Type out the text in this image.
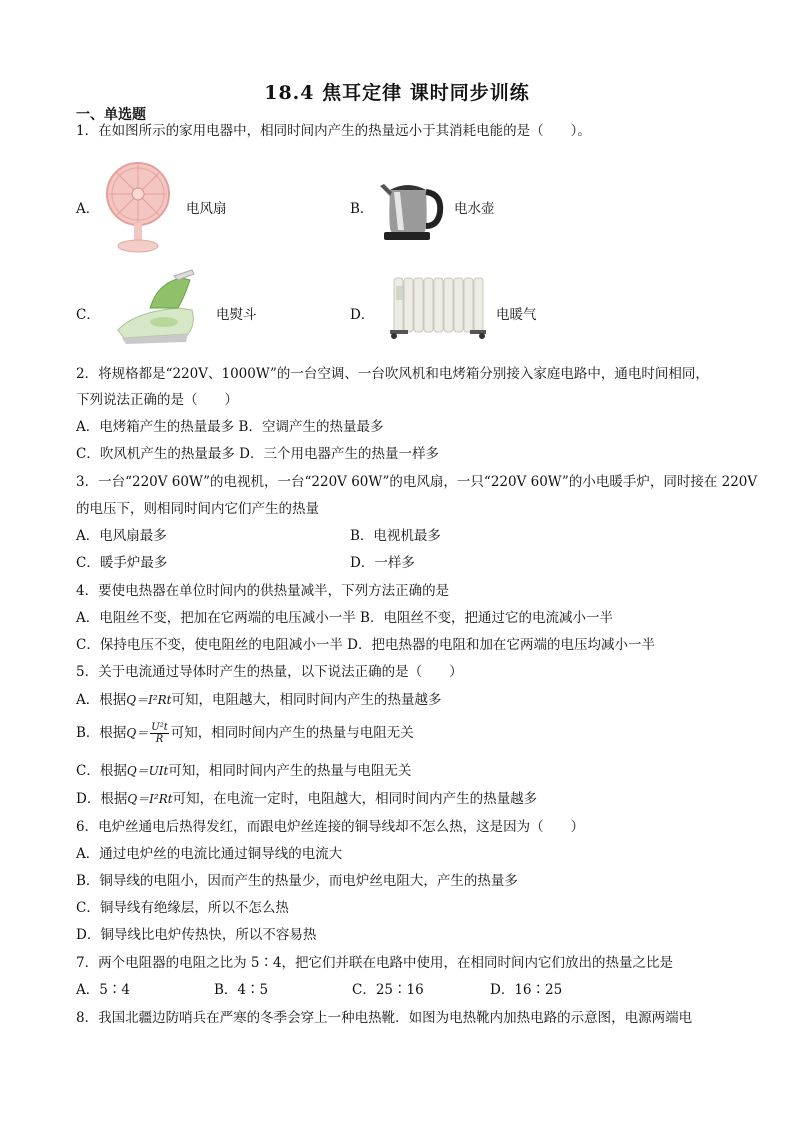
18.4 焦耳定律 课时同步训练
一、单选题
1．在如图所示的家用电器中，相同时间内产生的热量远小于其消耗电能的是（　　）。
A．	电风扇	B．	电水壶
C．	电熨斗	D．	电暖气
2．将规格都是“220V、1000W”的一台空调、一台吹风机和电烤箱分别接入家庭电路中，通电时间相同，
下列说法正确的是（　　）
A．电烤箱产生的热量最多 B．空调产生的热量最多
C．吹风机产生的热量最多 D．三个用电器产生的热量一样多
3．一台“220V 60W”的电视机，一台“220V 60W”的电风扇，一只“220V 60W”的小电暖手炉，同时接在 220V
的电压下，则相同时间内它们产生的热量
A．电风扇最多	B．电视机最多
C．暖手炉最多	D．一样多
4．要使电热器在单位时间内的供热量减半，下列方法正确的是
A．电阻丝不变，把加在它两端的电压减小一半 B．电阻丝不变，把通过它的电流减小一半
C．保持电压不变，使电阻丝的电阻减小一半 D．把电热器的电阻和加在它两端的电压均减小一半
5．关于电流通过导体时产生的热量，以下说法正确的是（　　）
A．根据Q＝I²Rt可知，电阻越大，相同时间内产生的热量越多
B．根据$Q= \frac{\text{U²t}}{R}$ 可知，相同时间内产生的热量与电阻无关
C．根据Q＝UIt可知，相同时间内产生的热量与电阻无关
D．根据Q＝I²Rt可知，在电流一定时，电阻越大，相同时间内产生的热量越多
6．电炉丝通电后热得发红，而跟电炉丝连接的铜导线却不怎么热，这是因为（　　）
A．通过电炉丝的电流比通过铜导线的电流大
B．铜导线的电阻小，因而产生的热量少，而电炉丝电阻大，产生的热量多
C．铜导线有绝缘层，所以不怎么热
D．铜导线比电炉传热快，所以不容易热
7．两个电阻器的电阻之比为 5∶4，把它们并联在电路中使用，在相同时间内它们放出的热量之比是
A．5∶4	B．4∶5	C．25∶16	D．16∶25
8．我国北疆边防哨兵在严寒的冬季会穿上一种电热靴．如图为电热靴内加热电路的示意图，电源两端电
